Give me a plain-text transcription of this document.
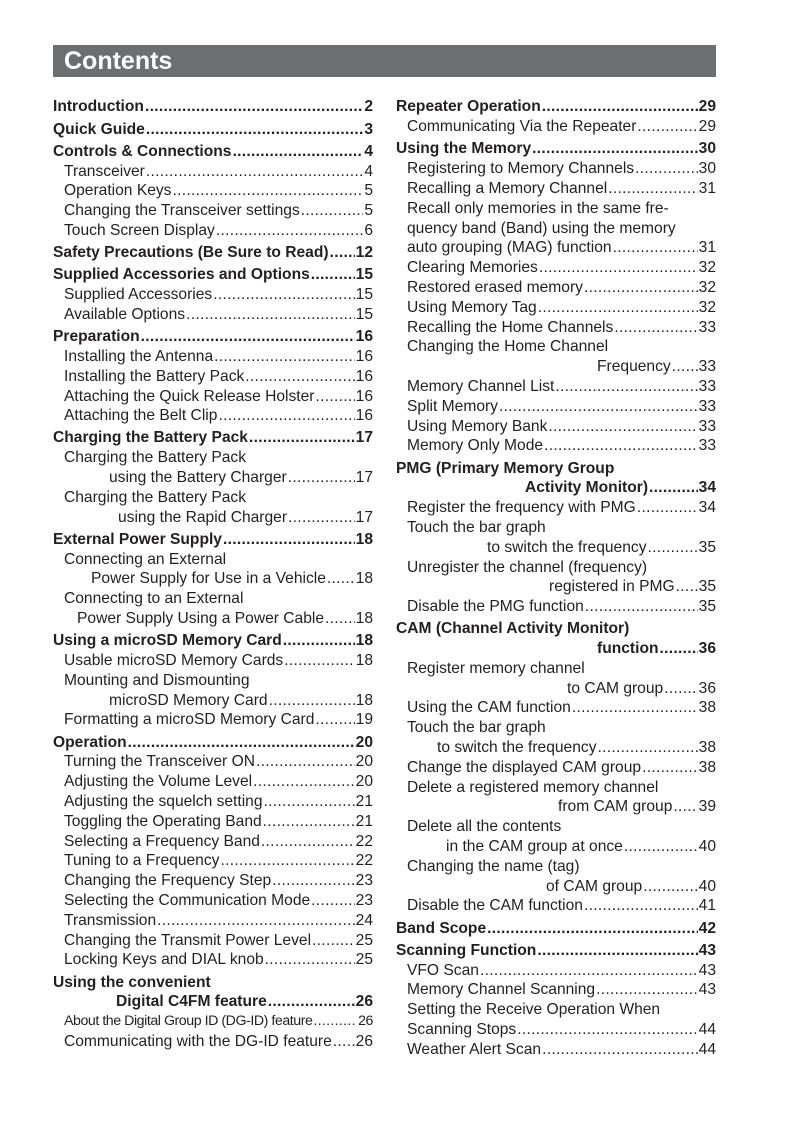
Contents
Introduction .....	2
Quick Guide .....	3
Controls & Connections .....	4
Transceiver .....	4
Operation Keys .....	5
Changing the Transceiver settings .....	5
Touch Screen Display .....	6
Safety Precautions (Be Sure to Read) ..... 12
Supplied Accessories and Options .....	15
Supplied Accessories .....	15
Available Options .....	15
Preparation .....	16
Installing the Antenna .....	16
Installing the Battery Pack .....	16
Attaching the Quick Release Holster .....	16
Attaching the Belt Clip .....	16
Charging the Battery Pack .....	17
Charging the Battery Pack
using the Battery Charger .....	17
Charging the Battery Pack
using the Rapid Charger .....	17
External Power Supply .....	18
Connecting an External
Power Supply for Use in a Vehicle ..... 18
Connecting to an External
Power Supply Using a Power Cable ..... 18
Using a microSD Memory Card .....	18
Usable microSD Memory Cards .....	18
Mounting and Dismounting
microSD Memory Card .....	18
Formatting a microSD Memory Card .....	19
Operation .....	20
Turning the Transceiver ON .....	20
Adjusting the Volume Level .....	20
Adjusting the squelch setting .....	21
Toggling the Operating Band .....	21
Selecting a Frequency Band .....	22
Tuning to a Frequency .....	22
Changing the Frequency Step .....	23
Selecting the Communication Mode .....	23
Transmission .....	24
Changing the Transmit Power Level .....	25
Locking Keys and DIAL knob .....	25
Using the convenient
Digital C4FM feature .....	26
About the Digital Group ID (DG-ID) feature .....	26
Communicating with the DG-ID feature ..... 26
Repeater Operation .....	29
Communicating Via the Repeater .....	29
Using the Memory .....	30
Registering to Memory Channels .....	30
Recalling a Memory Channel .....	31
Recall only memories in the same fre-
quency band (Band) using the memory
auto grouping (MAG) function .....	31
Clearing Memories .....	32
Restored erased memory .....	32
Using Memory Tag .....	32
Recalling the Home Channels .....	33
Changing the Home Channel
Frequency ..... 33
Memory Channel List .....	33
Split Memory .....	33
Using Memory Bank .....	33
Memory Only Mode .....	33
PMG (Primary Memory Group
Activity Monitor) .....	34
Register the frequency with PMG .....	34
Touch the bar graph
to switch the frequency .....	35
Unregister the channel (frequency)
registered in PMG ..... 35
Disable the PMG function .....	35
CAM (Channel Activity Monitor)
function .....	36
Register memory channel
to CAM group ..... 36
Using the CAM function .....	38
Touch the bar graph
to switch the frequency .....	38
Change the displayed CAM group .....	38
Delete a registered memory channel
from CAM group ..... 39
Delete all the contents
in the CAM group at once .....	40
Changing the name (tag)
of CAM group .....	40
Disable the CAM function .....	41
Band Scope .....	42
Scanning Function .....	43
VFO Scan .....	43
Memory Channel Scanning .....	43
Setting the Receive Operation When
Scanning Stops .....	44
Weather Alert Scan .....	44
